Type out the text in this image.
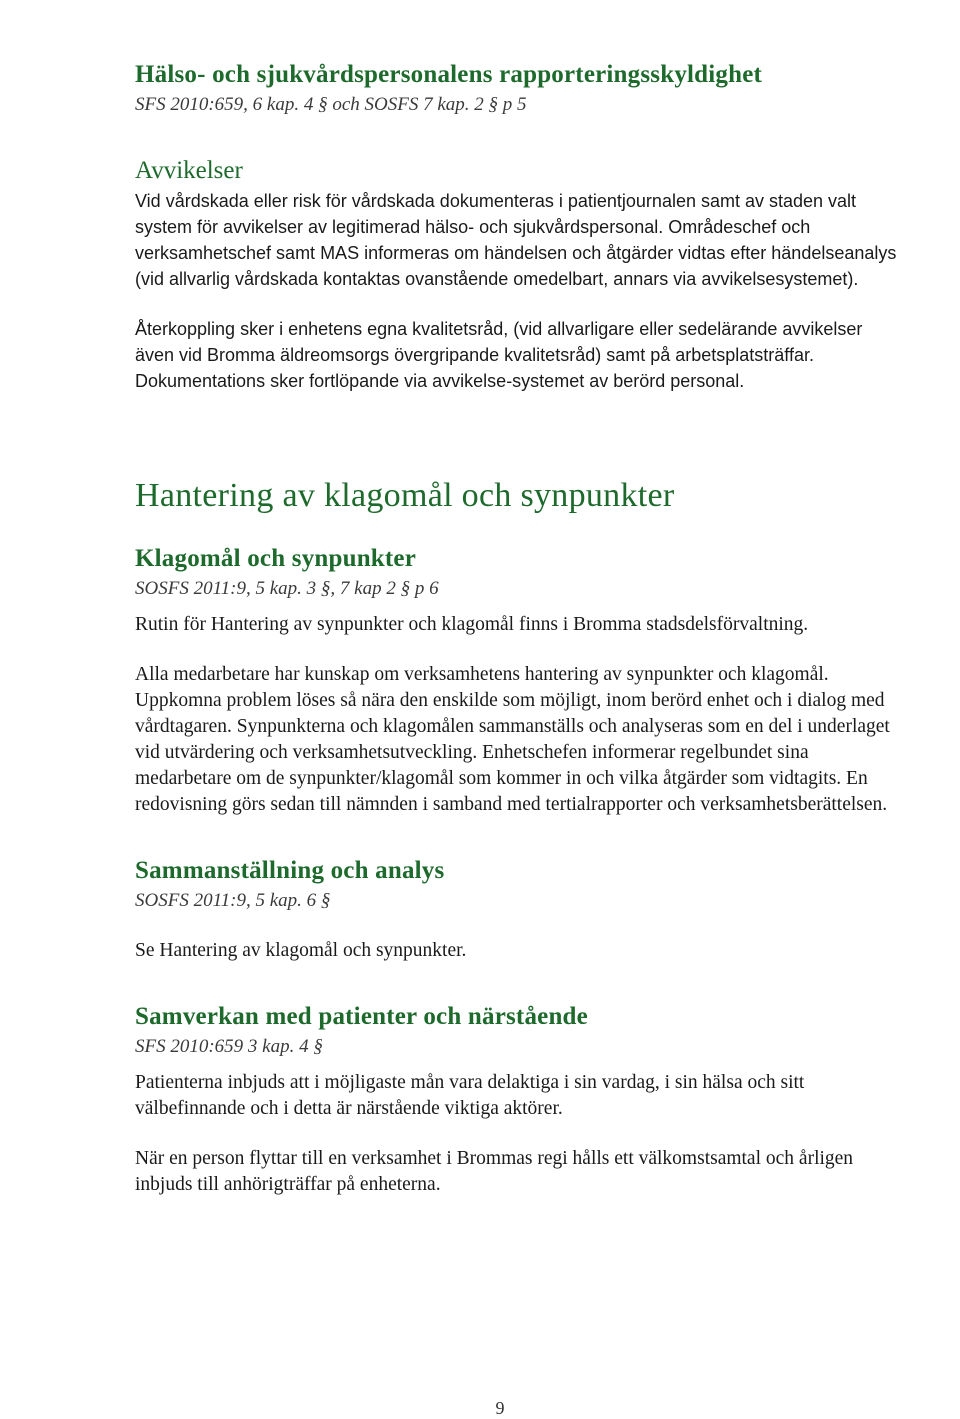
Hälso- och sjukvårdspersonalens rapporteringsskyldighet

SFS 2010:659, 6 kap. 4 § och SOSFS 7 kap. 2 § p 5

Avvikelser

Vid vårdskada eller risk för vårdskada dokumenteras i patientjournalen samt av staden valt system för avvikelser av legitimerad hälso- och sjukvårdspersonal. Områdeschef och verksamhetschef samt MAS informeras om händelsen och åtgärder vidtas efter händelseanalys (vid allvarlig vårdskada kontaktas ovanstående omedelbart, annars via avvikelsesystemet).

Återkoppling sker i enhetens egna kvalitetsråd, (vid allvarligare eller sedelärande avvikelser även vid Bromma äldreomsorgs övergripande kvalitetsråd) samt på arbetsplatsträffar. Dokumentations sker fortlöpande via avvikelse-systemet av berörd personal.

Hantering av klagomål och synpunkter
Klagomål och synpunkter

SOSFS 2011:9, 5 kap. 3 §, 7 kap 2 § p 6

Rutin för Hantering av synpunkter och klagomål finns i Bromma stadsdelsförvaltning.

Alla medarbetare har kunskap om verksamhetens hantering av synpunkter och klagomål. Uppkomna problem löses så nära den enskilde som möjligt, inom berörd enhet och i dialog med vårdtagaren. Synpunkterna och klagomålen sammanställs och analyseras som en del i underlaget vid utvärdering och verksamhetsutveckling. Enhetschefen informerar regelbundet sina medarbetare om de synpunkter/klagomål som kommer in och vilka åtgärder som vidtagits. En redovisning görs sedan till nämnden i samband med tertialrapporter och verksamhetsberättelsen.

Sammanställning och analys

SOSFS 2011:9, 5 kap. 6 §

Se Hantering av klagomål och synpunkter.

Samverkan med patienter och närstående

SFS 2010:659 3 kap. 4 §

Patienterna inbjuds att i möjligaste mån vara delaktiga i sin vardag, i sin hälsa och sitt välbefinnande och i detta är närstående viktiga aktörer.

När en person flyttar till en verksamhet i Brommas regi hålls ett välkomstsamtal och årligen inbjuds till anhörigträffar på enheterna.

9
